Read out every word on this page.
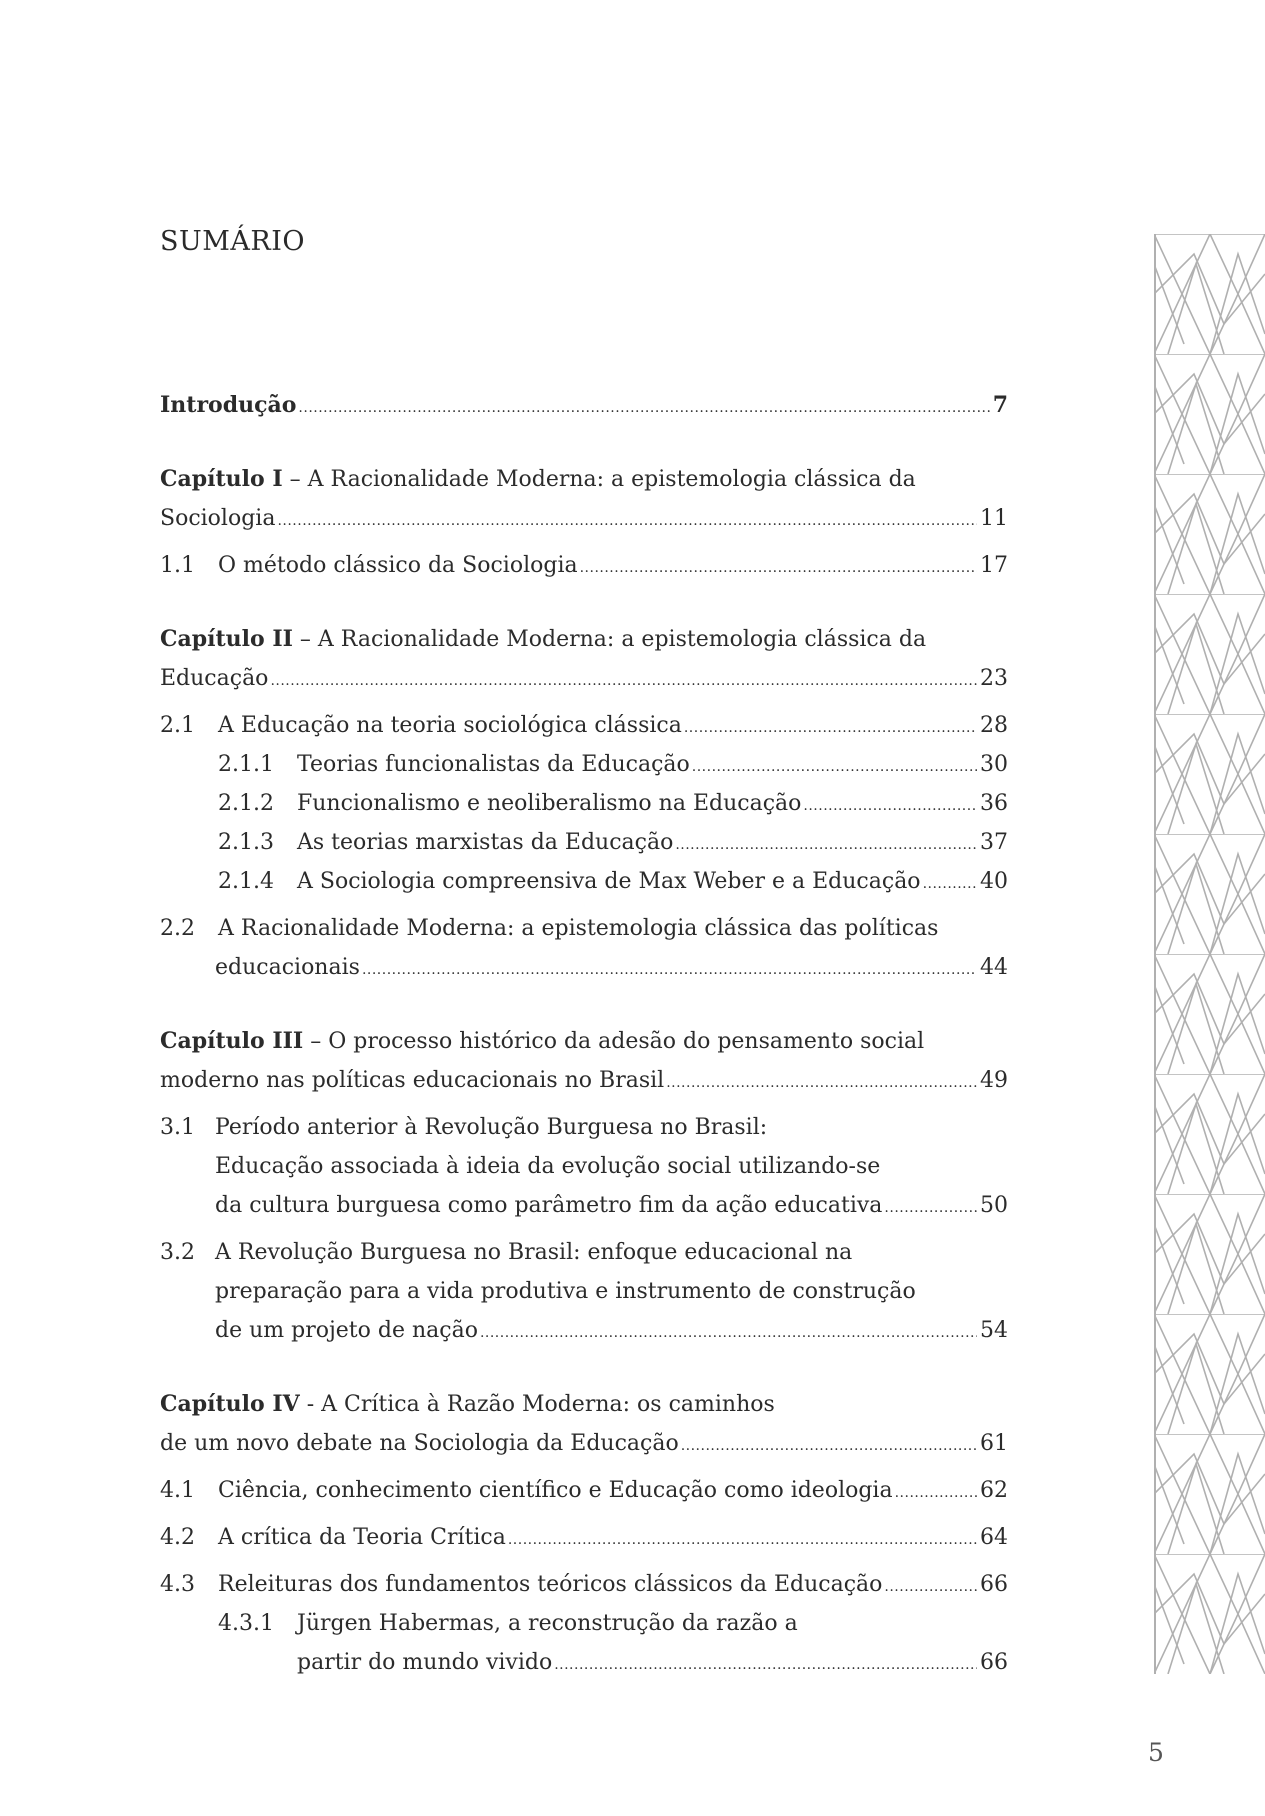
SUMÁRIO
Introdução .....	7
Capítulo I – A Racionalidade Moderna: a epistemologia clássica da
Sociologia .....	11
1.1 O método clássico da Sociologia .....	17
Capítulo II – A Racionalidade Moderna: a epistemologia clássica da
Educação .....	23
2.1 A Educação na teoria sociológica clássica .....	28
2.1.1 Teorias funcionalistas da Educação .....	30
2.1.2 Funcionalismo e neoliberalismo na Educação .....	36
2.1.3 As teorias marxistas da Educação .....	37
2.1.4 A Sociologia compreensiva de Max Weber e a Educação .....	40
2.2 A Racionalidade Moderna: a epistemologia clássica das políticas
educacionais .....	44
Capítulo III – O processo histórico da adesão do pensamento social
moderno nas políticas educacionais no Brasil .....	49
3.1 Período anterior à Revolução Burguesa no Brasil:
Educação associada à ideia da evolução social utilizando-se
da cultura burguesa como parâmetro fim da ação educativa .....	50
3.2 A Revolução Burguesa no Brasil: enfoque educacional na
preparação para a vida produtiva e instrumento de construção
de um projeto de nação .....	54
Capítulo IV - A Crítica à Razão Moderna: os caminhos
de um novo debate na Sociologia da Educação .....	61
4.1 Ciência, conhecimento científico e Educação como ideologia .....	62
4.2 A crítica da Teoria Crítica .....	64
4.3 Releituras dos fundamentos teóricos clássicos da Educação .....	66
4.3.1 Jürgen Habermas, a reconstrução da razão a
partir do mundo vivido .....	66
5
